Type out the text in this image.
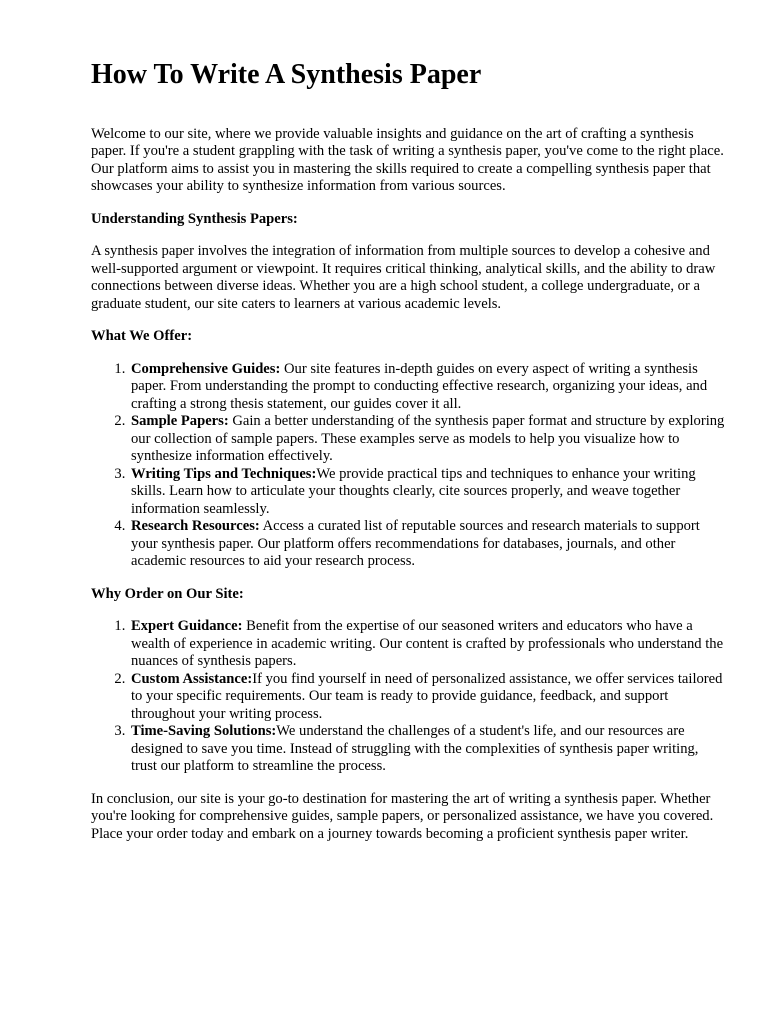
How To Write A Synthesis Paper

Welcome to our site, where we provide valuable insights and guidance on the art of crafting a synthesis paper. If you're a student grappling with the task of writing a synthesis paper, you've come to the right place. Our platform aims to assist you in mastering the skills required to create a compelling synthesis paper that showcases your ability to synthesize information from various sources.

Understanding Synthesis Papers:

A synthesis paper involves the integration of information from multiple sources to develop a cohesive and well-supported argument or viewpoint. It requires critical thinking, analytical skills, and the ability to draw connections between diverse ideas. Whether you are a high school student, a college undergraduate, or a graduate student, our site caters to learners at various academic levels.

What We Offer:
1. Comprehensive Guides: Our site features in-depth guides on every aspect of writing a synthesis paper. From understanding the prompt to conducting effective research, organizing your ideas, and crafting a strong thesis statement, our guides cover it all.
2. Sample Papers: Gain a better understanding of the synthesis paper format and structure by exploring our collection of sample papers. These examples serve as models to help you visualize how to synthesize information effectively.
3. Writing Tips and Techniques:We provide practical tips and techniques to enhance your writing skills. Learn how to articulate your thoughts clearly, cite sources properly, and weave together information seamlessly.
4. Research Resources: Access a curated list of reputable sources and research materials to support your synthesis paper. Our platform offers recommendations for databases, journals, and other academic resources to aid your research process.
Why Order on Our Site:
1. Expert Guidance: Benefit from the expertise of our seasoned writers and educators who have a wealth of experience in academic writing. Our content is crafted by professionals who understand the nuances of synthesis papers.
2. Custom Assistance:If you find yourself in need of personalized assistance, we offer services tailored to your specific requirements. Our team is ready to provide guidance, feedback, and support throughout your writing process.
3. Time-Saving Solutions:We understand the challenges of a student's life, and our resources are designed to save you time. Instead of struggling with the complexities of synthesis paper writing, trust our platform to streamline the process.

In conclusion, our site is your go-to destination for mastering the art of writing a synthesis paper. Whether you're looking for comprehensive guides, sample papers, or personalized assistance, we have you covered. Place your order today and embark on a journey towards becoming a proficient synthesis paper writer.
